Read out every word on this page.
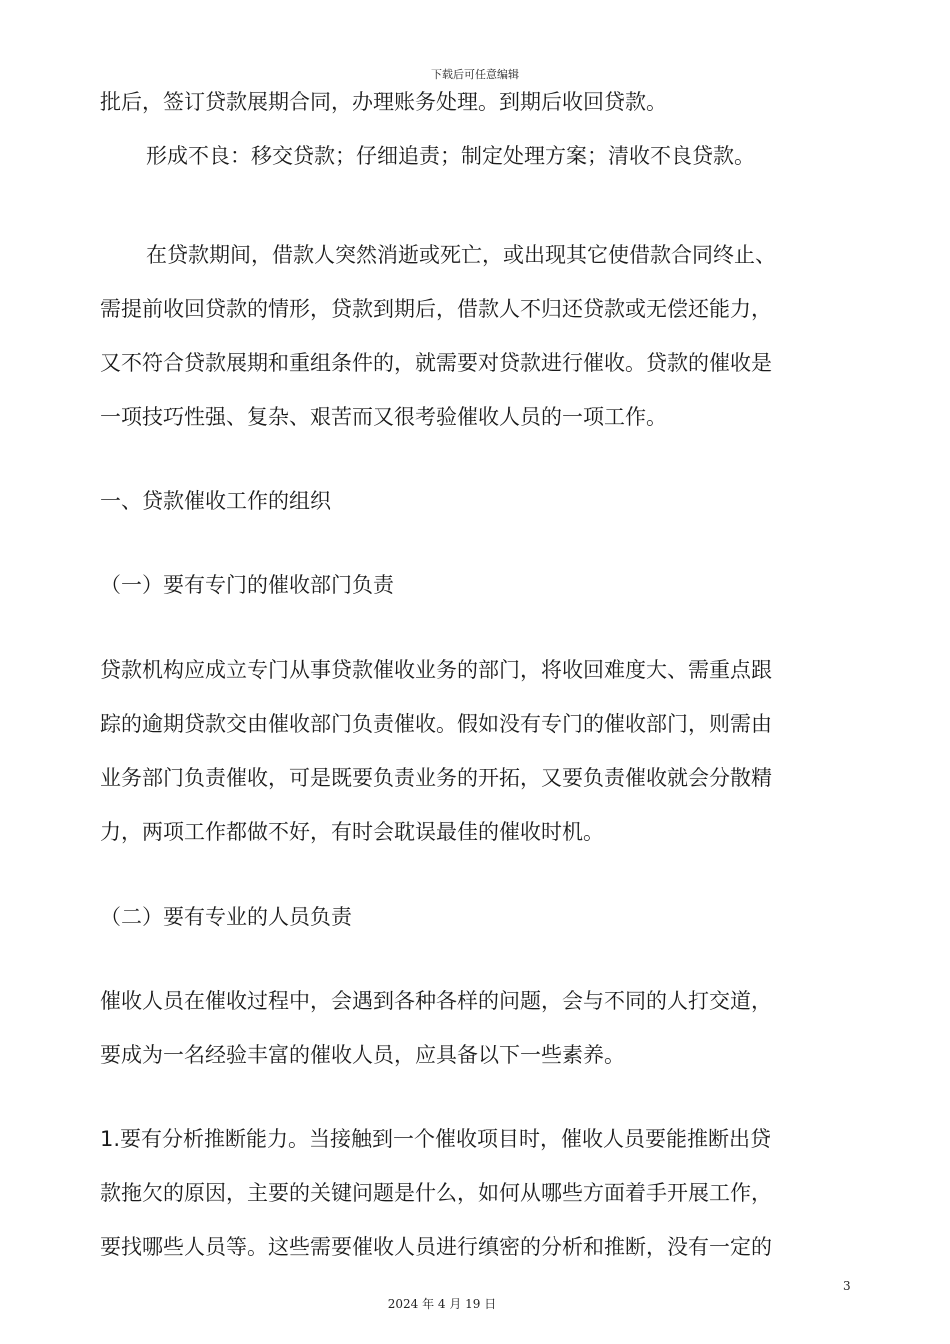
下载后可任意编辑
批后，签订贷款展期合同，办理账务处理。到期后收回贷款。
形成不良：移交贷款；仔细追责；制定处理方案；清收不良贷款。
在贷款期间，借款人突然消逝或死亡，或出现其它使借款合同终止、
需提前收回贷款的情形，贷款到期后，借款人不归还贷款或无偿还能力，
又不符合贷款展期和重组条件的，就需要对贷款进行催收。贷款的催收是
一项技巧性强、复杂、艰苦而又很考验催收人员的一项工作。
一、贷款催收工作的组织
（一）要有专门的催收部门负责
贷款机构应成立专门从事贷款催收业务的部门，将收回难度大、需重点跟
踪的逾期贷款交由催收部门负责催收。假如没有专门的催收部门，则需由
业务部门负责催收，可是既要负责业务的开拓，又要负责催收就会分散精
力，两项工作都做不好，有时会耽误最佳的催收时机。
（二）要有专业的人员负责
催收人员在催收过程中，会遇到各种各样的问题，会与不同的人打交道，
要成为一名经验丰富的催收人员，应具备以下一些素养。
1.要有分析推断能力。当接触到一个催收项目时，催收人员要能推断出贷
款拖欠的原因，主要的关键问题是什么，如何从哪些方面着手开展工作，
要找哪些人员等。这些需要催收人员进行缜密的分析和推断，没有一定的
3
2024 年 4 月 19 日
